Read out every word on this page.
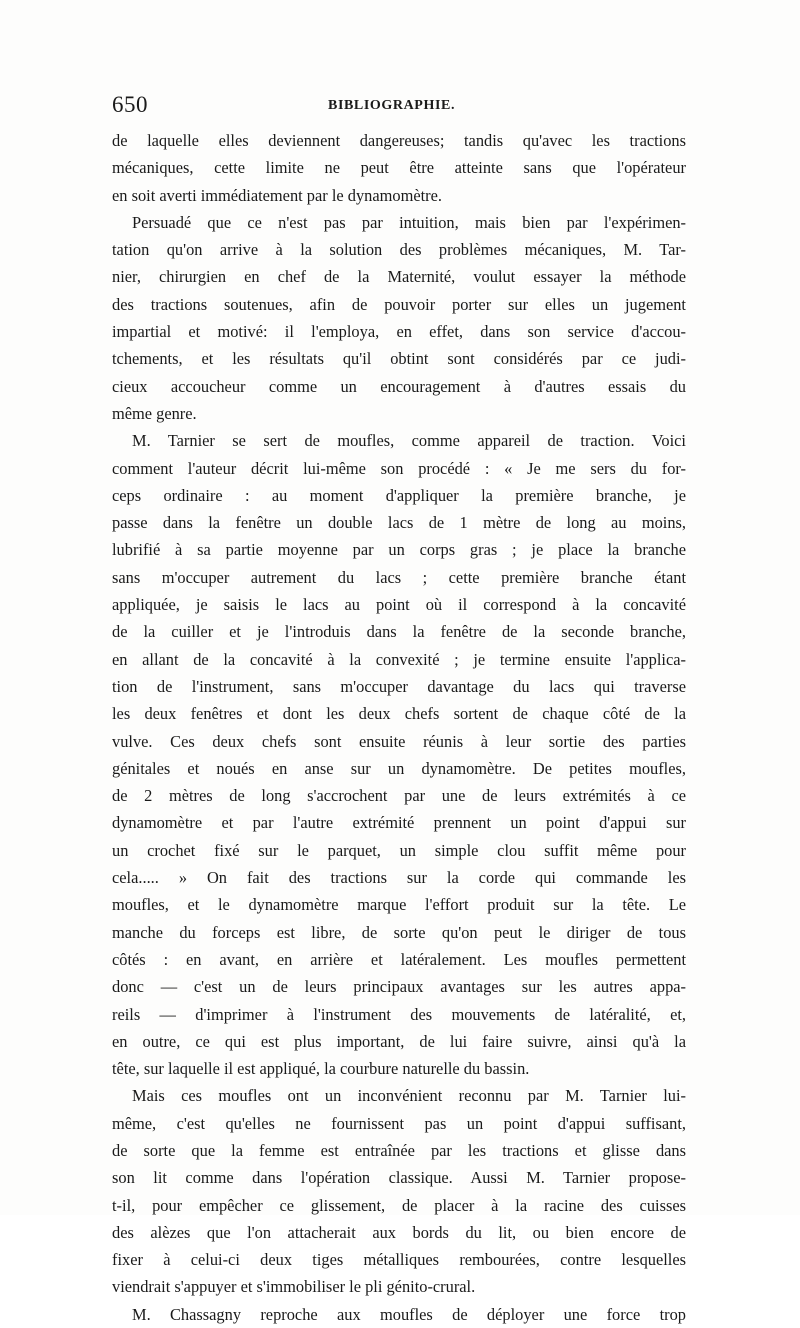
650	BIBLIOGRAPHIE.
de laquelle elles deviennent dangereuses; tandis qu'avec les tractions
mécaniques, cette limite ne peut être atteinte sans que l'opérateur
en soit averti immédiatement par le dynamomètre.
Persuadé que ce n'est pas par intuition, mais bien par l'expérimen-
tation qu'on arrive à la solution des problèmes mécaniques, M. Tar-
nier, chirurgien en chef de la Maternité, voulut essayer la méthode
des tractions soutenues, afin de pouvoir porter sur elles un jugement
impartial et motivé: il l'employa, en effet, dans son service d'accou-
tchements, et les résultats qu'il obtint sont considérés par ce judi-
cieux accoucheur comme un encouragement à d'autres essais du
même genre.
M. Tarnier se sert de moufles, comme appareil de traction. Voici
comment l'auteur décrit lui-même son procédé : « Je me sers du for-
ceps ordinaire : au moment d'appliquer la première branche, je
passe dans la fenêtre un double lacs de 1 mètre de long au moins,
lubrifié à sa partie moyenne par un corps gras ; je place la branche
sans m'occuper autrement du lacs ; cette première branche étant
appliquée, je saisis le lacs au point où il correspond à la concavité
de la cuiller et je l'introduis dans la fenêtre de la seconde branche,
en allant de la concavité à la convexité ; je termine ensuite l'applica-
tion de l'instrument, sans m'occuper davantage du lacs qui traverse
les deux fenêtres et dont les deux chefs sortent de chaque côté de la
vulve. Ces deux chefs sont ensuite réunis à leur sortie des parties
génitales et noués en anse sur un dynamomètre. De petites moufles,
de 2 mètres de long s'accrochent par une de leurs extrémités à ce
dynamomètre et par l'autre extrémité prennent un point d'appui sur
un crochet fixé sur le parquet, un simple clou suffit même pour
cela..... » On fait des tractions sur la corde qui commande les
moufles, et le dynamomètre marque l'effort produit sur la tête. Le
manche du forceps est libre, de sorte qu'on peut le diriger de tous
côtés : en avant, en arrière et latéralement. Les moufles permettent
donc — c'est un de leurs principaux avantages sur les autres appa-
reils — d'imprimer à l'instrument des mouvements de latéralité, et,
en outre, ce qui est plus important, de lui faire suivre, ainsi qu'à la
tête, sur laquelle il est appliqué, la courbure naturelle du bassin.
Mais ces moufles ont un inconvénient reconnu par M. Tarnier lui-
même, c'est qu'elles ne fournissent pas un point d'appui suffisant,
de sorte que la femme est entraînée par les tractions et glisse dans
son lit comme dans l'opération classique. Aussi M. Tarnier propose-
t-il, pour empêcher ce glissement, de placer à la racine des cuisses
des alèzes que l'on attacherait aux bords du lit, ou bien encore de
fixer à celui-ci deux tiges métalliques rembourées, contre lesquelles
viendrait s'appuyer et s'immobiliser le pli génito-crural.
M. Chassagny reproche aux moufles de déployer une force trop
